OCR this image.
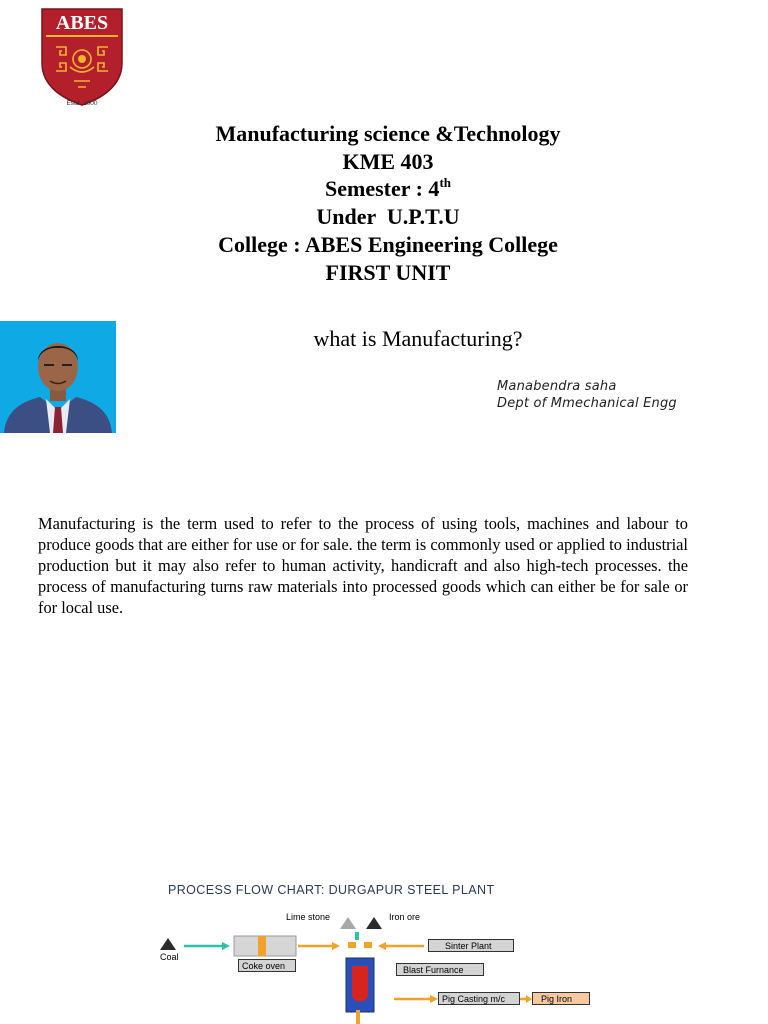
ABES
Estd. 2000
Manufacturing science &Technology
KME 403
Semester : 4th
Under  U.P.T.U
College : ABES Engineering College
FIRST UNIT
what is Manufacturing?
Manabendra saha
Dept of Mmechanical Engg
Manufacturing is the term used to refer to the process of using tools, machines and labour to produce goods that are either for use or for sale. the term is commonly used or applied to industrial production but it may also refer to human activity, handicraft and also high-tech processes. the process of manufacturing turns raw materials into processed goods which can either be for sale or for local use.
PROCESS FLOW CHART: DURGAPUR STEEL PLANT
Lime stone	Iron ore
Coal
Coke oven
Sinter Plant
Blast Furnance
Pig Casting m/c	Pig Iron
